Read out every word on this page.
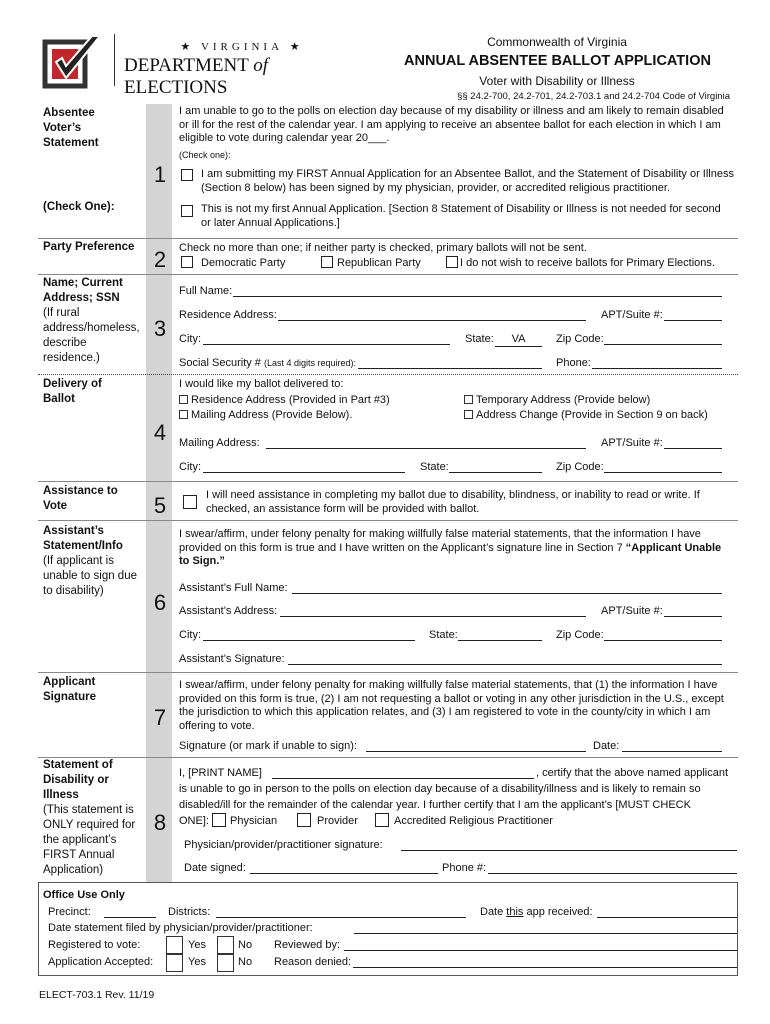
★ VIRGINIA ★
DEPARTMENT of ELECTIONS
Commonwealth of Virginia
ANNUAL ABSENTEE BALLOT APPLICATION
Voter with Disability or Illness
§§ 24.2-700, 24.2-701, 24.2-703.1 and 24.2-704 Code of Virginia
Absentee Voter’s Statement
(Check One):
1
I am unable to go to the polls on election day because of my disability or illness and am likely to remain disabled or ill for the rest of the calendar year. I am applying to receive an absentee ballot for each election in which I am eligible to vote during calendar year 20___.
(Check one):
I am submitting my FIRST Annual Application for an Absentee Ballot, and the Statement of Disability or Illness (Section 8 below) has been signed by my physician, provider, or accredited religious practitioner.
This is not my first Annual Application. [Section 8 Statement of Disability or Illness is not needed for second or later Annual Applications.]
Party Preference 2	Check no more than one; if neither party is checked, primary ballots will not be sent.
Democratic Party	Republican Party	I do not wish to receive ballots for Primary Elections.
Name; Current Address; SSN
(If rural address/homeless, describe residence.)
3
Full Name:
Residence Address:	APT/Suite #:
City:	State:	VA	Zip Code:
Social Security # (Last 4 digits required):	Phone:
Delivery of Ballot
4
I would like my ballot delivered to:
Residence Address (Provided in Part #3)
Mailing Address (Provide Below).
Temporary Address (Provide below)
Address Change (Provide in Section 9 on back)
Mailing Address:	APT/Suite #:
City:	State:	Zip Code:
Assistance to Vote	5	I will need assistance in completing my ballot due to disability, blindness, or inability to read or write. If checked, an assistance form will be provided with ballot.
Assistant’s Statement/Info
(If applicant is unable to sign due to disability)	6
I swear/affirm, under felony penalty for making willfully false material statements, that the information I have provided on this form is true and I have written on the Applicant’s signature line in Section 7 “Applicant Unable to Sign.”
Assistant’s Full Name:
Assistant’s Address:	APT/Suite #:
City:	State:	Zip Code:
Assistant’s Signature:
Applicant Signature
7
I swear/affirm, under felony penalty for making willfully false material statements, that (1) the information I have provided on this form is true, (2) I am not requesting a ballot or voting in any other jurisdiction in the U.S., except the jurisdiction to which this application relates, and (3) I am registered to vote in the county/city in which I am offering to vote.
Signature (or mark if unable to sign):	Date:
Statement of Disability or Illness
(This statement is ONLY required for the applicant’s FIRST Annual Application)
8
I, [PRINT NAME]	, certify that the above named applicant
is unable to go in person to the polls on election day because of a disability/illness and is likely to remain so
disabled/ill for the remainder of the calendar year. I further certify that I am the applicant’s [MUST CHECK
ONE]: Physician	Provider	Accredited Religious Practitioner
Physician/provider/practitioner signature:
Date signed:	Phone #:
Office Use Only
Precinct:	Districts:	Date this app received:
Date statement filed by physician/provider/practitioner:
Registered to vote:	Yes	No Reviewed by:
Application Accepted:	Yes	No Reason denied:
ELECT-703.1 Rev. 11/19
